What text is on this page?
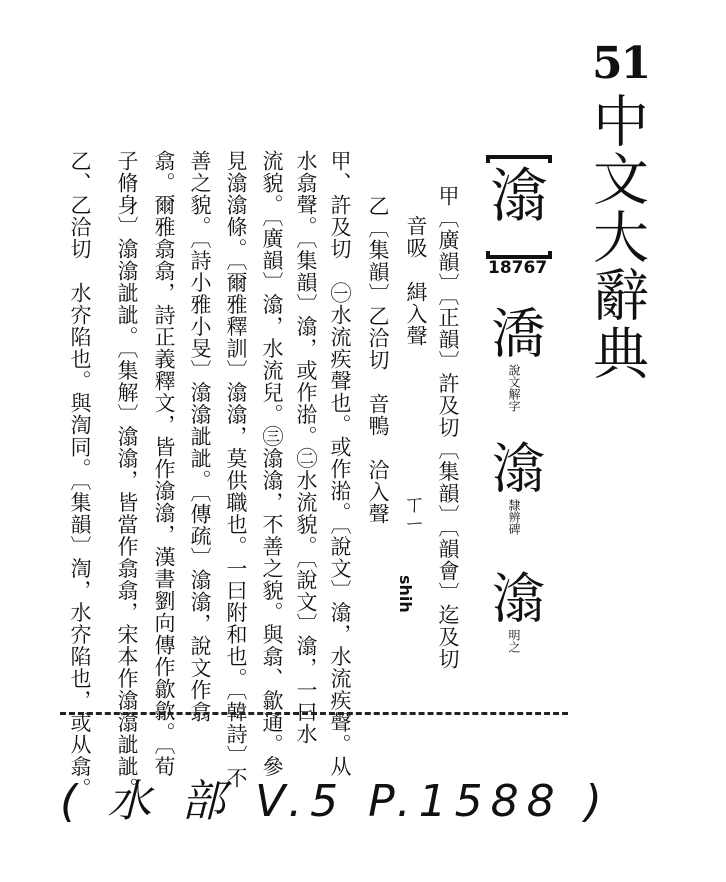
51
中文大辭典
潝
18767
𣾷 說文解字
潝 隸辨碑
潝 明之
ㄒㄧ
shih 甲〔廣韻〕〔正韻〕許及切〔集韻〕〔韻會〕迄及切
音吸　緝入聲
乙〔集韻〕乙洽切　音鴨　洽入聲
甲、許及切　㊀水流疾聲也。或作湁。〔說文〕潝，水流疾聲。从
水翕聲。〔集韻〕潝，或作湁。㊁水流貌。〔說文〕潝，一曰水
流貌。〔廣韻〕潝，水流兒。㊂潝潝，不善之貌。與翕、歙通。參
見潝潝條。〔爾雅釋訓〕潝潝，莫供職也。一曰附和也。〔韓詩〕不
善之貌。〔詩小雅小旻〕潝潝訿訿。〔傳疏〕潝潝，說文作翕
翕。爾雅翕翕，詩正義釋文，皆作潝潝，漢書劉向傳作歙歙。〔荀
子脩身〕潝潝訿訿。〔集解〕潝潝，皆當作翕翕，宋本作潝潝訿訿。
乙、乙洽切　水㝏陷也。與渹同。〔集韻〕渹，水㝏陷也，或从翕。
( 水 部 V.5 P.1588 )
